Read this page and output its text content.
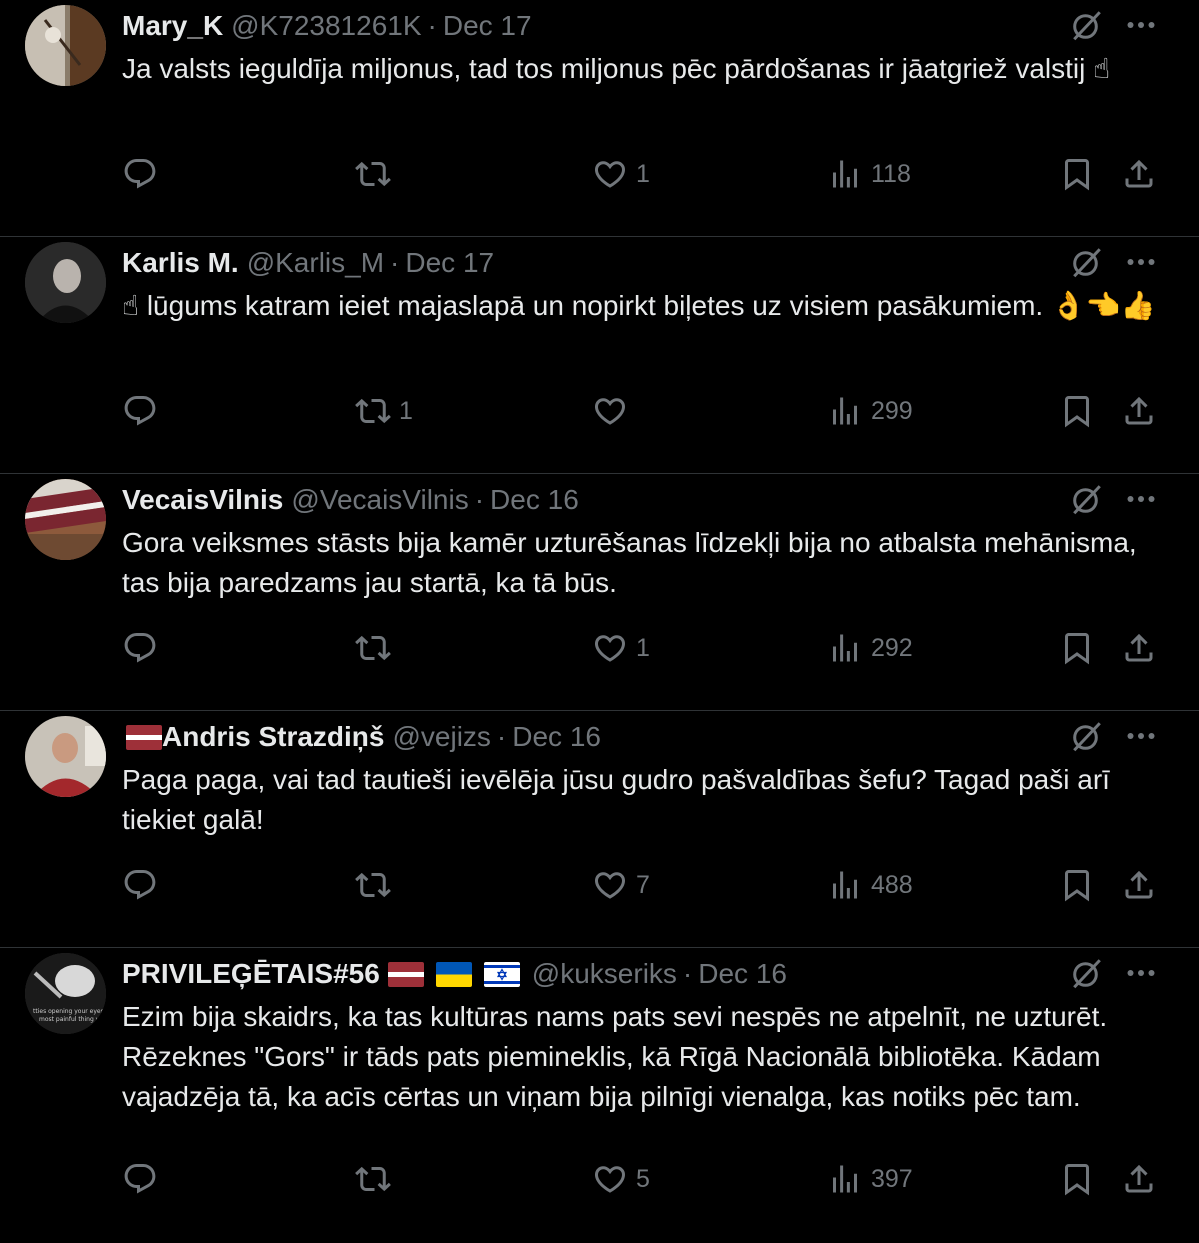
Mary_K @K72381261K · Dec 17
Ja valsts ieguldīja miljonus, tad tos miljonus pēc pārdošanas ir jāatgriež valstij ☝
1	118
Karlis M. @Karlis_M · Dec 17
☝ lūgums katram ieiet majaslapā un nopirkt biļetes uz visiem pasākumiem. 👌👈👍
1	299
VecaisVilnis @VecaisVilnis · Dec 16
Gora veiksmes stāsts bija kamēr uzturēšanas līdzekļi bija no atbalsta mehānisma, tas bija paredzams jau startā, ka tā būs.
1	292
Andris Strazdiņš @vejizs · Dec 16
Paga paga, vai tad tautieši ievēlēja jūsu gudro pašvaldības šefu? Tagad paši arī tiekiet galā!
7	488
tties opening your eyes
most painful thing yo
PRIVILEĢĒTAIS#56	@kukseriks · Dec 16
Ezim bija skaidrs, ka tas kultūras nams pats sevi nespēs ne atpelnīt, ne uzturēt. Rēzeknes "Gors" ir tāds pats piemineklis, kā Rīgā Nacionālā bibliotēka. Kādam vajadzēja tā, ka acīs cērtas un viņam bija pilnīgi vienalga, kas notiks pēc tam.
5	397
